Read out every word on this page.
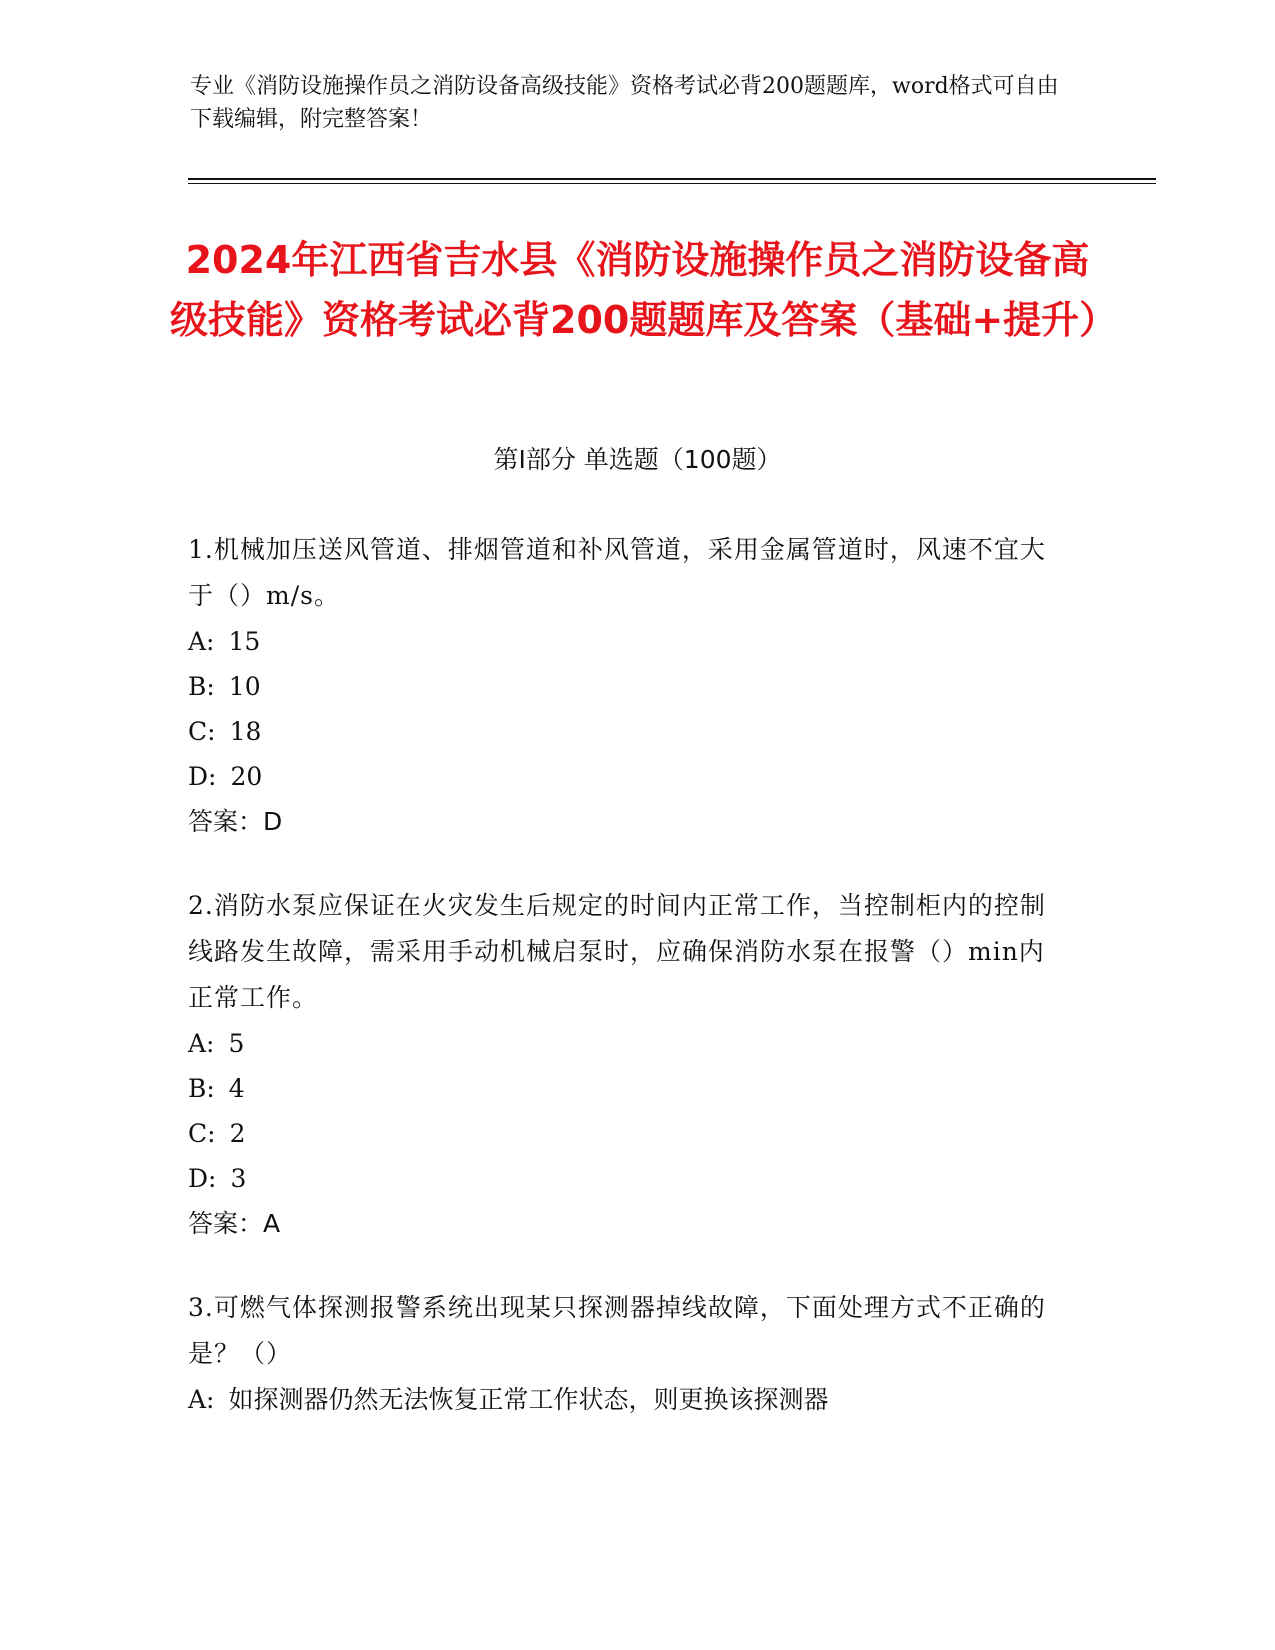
专业《消防设施操作员之消防设备高级技能》资格考试必背200题题库，word格式可自由下载编辑，附完整答案！
2024年江西省吉水县《消防设施操作员之消防设备高级技能》资格考试必背200题题库及答案（基础+提升）
第I部分 单选题（100题）
1.机械加压送风管道、排烟管道和补风管道，采用金属管道时，风速不宜大于（）m/s。
A: 15
B: 10
C: 18
D: 20
答案：D
2.消防水泵应保证在火灾发生后规定的时间内正常工作，当控制柜内的控制线路发生故障，需采用手动机械启泵时，应确保消防水泵在报警（）min内正常工作。
A: 5
B: 4
C: 2
D: 3
答案：A
3.可燃气体探测报警系统出现某只探测器掉线故障，下面处理方式不正确的是？（）
A: 如探测器仍然无法恢复正常工作状态，则更换该探测器
